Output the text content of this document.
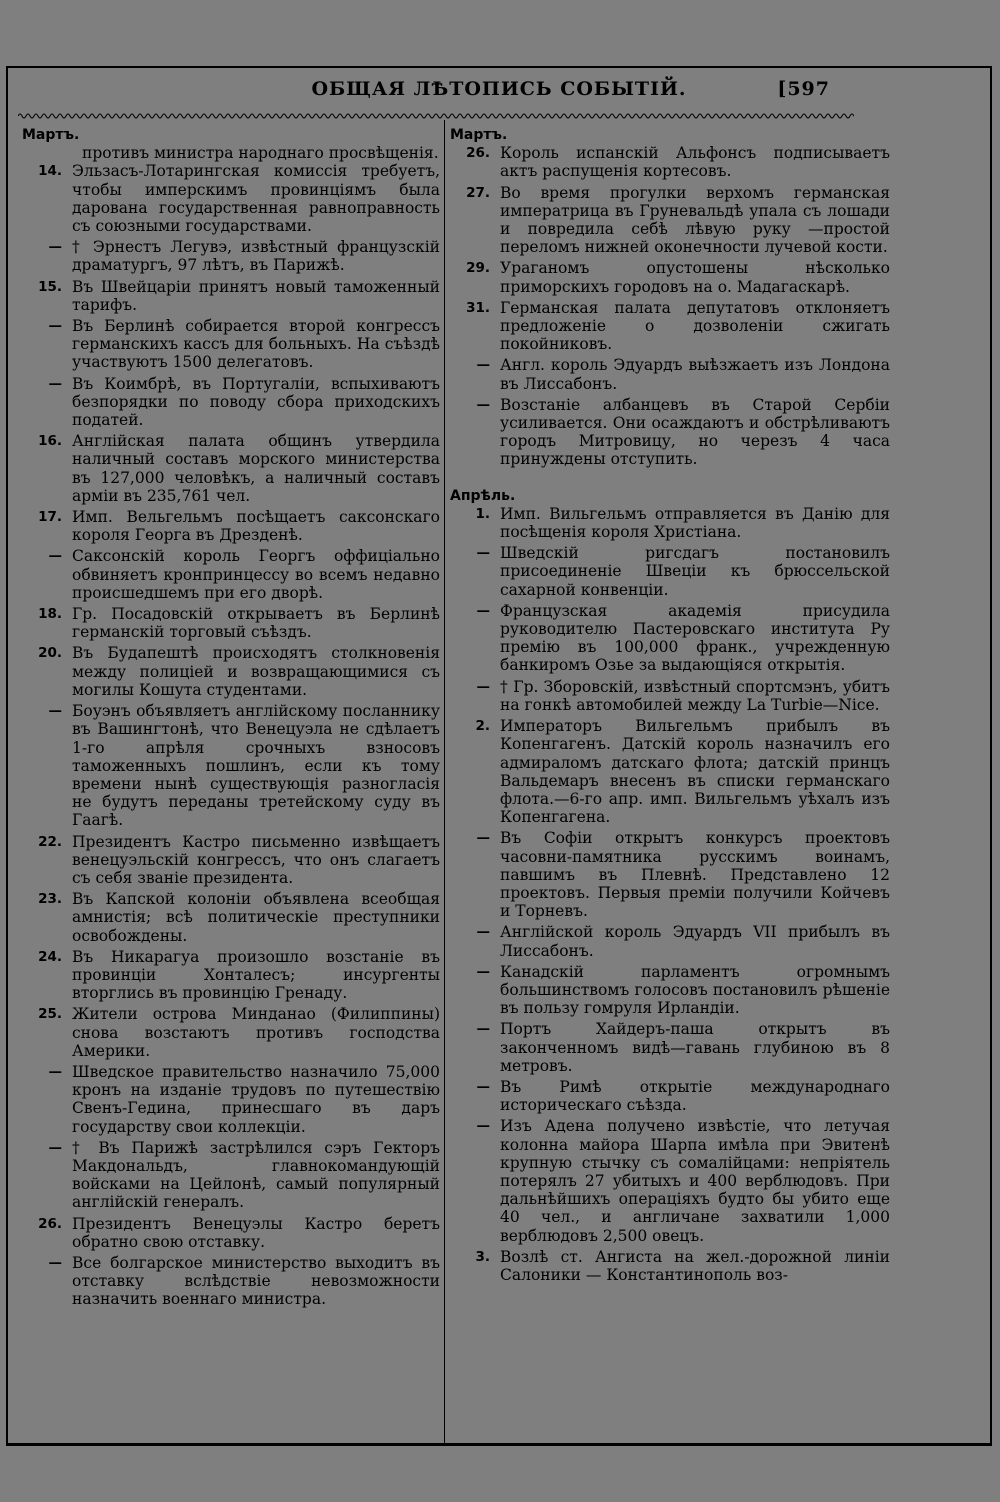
ОБЩАЯ ЛѢТОПИСЬ СОБЫТІЙ.	[597

Мартъ.

противъ министра народнаго просвѣщенія.
14. Эльзасъ-Лотарингская комиссія требуетъ, чтобы имперскимъ провинціямъ была дарована государственная равноправность съ союзными государствами.
— † Эрнестъ Легувэ, извѣстный французскій драматургъ, 97 лѣтъ, въ Парижѣ.
15. Въ Швейцаріи принятъ новый таможенный тарифъ.
— Въ Берлинѣ собирается второй конгрессъ германскихъ кассъ для больныхъ. На съѣздѣ участвуютъ 1500 делегатовъ.
— Въ Коимбрѣ, въ Португаліи, вспыхиваютъ безпорядки по поводу сбора приходскихъ податей.
16. Англійская палата общинъ утвердила наличный составъ морского министерства въ 127,000 человѣкъ, а наличный составъ арміи въ 235,761 чел.
17. Имп. Вельгельмъ посѣщаетъ саксонскаго короля Георга въ Дрезденѣ.
— Саксонскій король Георгъ оффиціально обвиняетъ кронпринцессу во всемъ недавно происшедшемъ при его дворѣ.
18. Гр. Посадовскій открываетъ въ Берлинѣ германскій торговый съѣздъ.
20. Въ Будапештѣ происходятъ столкновенія между полиціей и возвращающимися съ могилы Кошута студентами.
— Боуэнъ объявляетъ англійскому посланнику въ Вашингтонѣ, что Венецуэла не сдѣлаетъ 1-го апрѣля срочныхъ взносовъ таможенныхъ пошлинъ, если къ тому времени нынѣ существующія разногласія не будутъ переданы третейскому суду въ Гаагѣ.
22. Президентъ Кастро письменно извѣщаетъ венецуэльскій конгрессъ, что онъ слагаетъ съ себя званіе президента.
23. Въ Капской колоніи объявлена всеобщая амнистія; всѣ политическіе преступники освобождены.
24. Въ Никарагуа произошло возстаніе въ провинціи Хонталесъ; инсургенты вторглись въ провинцію Гренаду.
25. Жители острова Минданао (Филиппины) снова возстаютъ противъ господства Америки.
— Шведское правительство назначило 75,000 кронъ на изданіе трудовъ по путешествію Свенъ-Гедина, принесшаго въ даръ государству свои коллекціи.
— † Въ Парижѣ застрѣлился сэръ Гекторъ Макдональдъ, главнокомандующій войсками на Цейлонѣ, самый популярный англійскій генералъ.
26. Президентъ Венецуэлы Кастро беретъ обратно свою отставку.
— Все болгарское министерство выходитъ въ отставку вслѣдствіе невозможности назначить военнаго министра.

Мартъ.

26. Король испанскій Альфонсъ подписываетъ актъ распущенія кортесовъ.
27. Во время прогулки верхомъ германская императрица въ Груневальдѣ упала съ лошади и повредила себѣ лѣвую руку —простой переломъ нижней оконечности лучевой кости.
29. Ураганомъ опустошены нѣсколько приморскихъ городовъ на о. Мадагаскарѣ.
31. Германская палата депутатовъ отклоняетъ предложеніе о дозволеніи сжигать покойниковъ.
— Англ. король Эдуардъ выѣзжаетъ изъ Лондона въ Лиссабонъ.
— Возстаніе албанцевъ въ Старой Сербіи усиливается. Они осаждаютъ и обстрѣливаютъ городъ Митровицу, но черезъ 4 часа принуждены отступить.

Апрѣль.

1. Имп. Вильгельмъ отправляется въ Данію для посѣщенія короля Христіана.
— Шведскій ригсдагъ постановилъ присоединеніе Швеціи къ брюссельской сахарной конвенціи.
— Французская академія присудила руководителю Пастеровскаго института Ру премію въ 100,000 франк., учрежденную банкиромъ Озье за выдающіяся открытія.
— † Гр. Зборовскій, извѣстный спортсмэнъ, убитъ на гонкѣ автомобилей между La Turbie—Nice.
2. Императоръ Вильгельмъ прибылъ въ Копенгагенъ. Датскій король назначилъ его адмираломъ датскаго флота; датскій принцъ Вальдемаръ внесенъ въ списки германскаго флота.—6-го апр. имп. Вильгельмъ уѣхалъ изъ Копенгагена.
— Въ Софіи открытъ конкурсъ проектовъ часовни-памятника русскимъ воинамъ, павшимъ въ Плевнѣ. Представлено 12 проектовъ. Первыя преміи получили Койчевъ и Торневъ.
— Англійской король Эдуардъ VII прибылъ въ Лиссабонъ.
— Канадскій парламентъ огромнымъ большинствомъ голосовъ постановилъ рѣшеніе въ пользу гомруля Ирландіи.
— Портъ Хайдеръ-паша открытъ въ законченномъ видѣ—гавань глубиною въ 8 метровъ.
— Въ Римѣ открытіе международнаго историческаго съѣзда.
— Изъ Адена получено извѣстіе, что летучая колонна майора Шарпа имѣла при Эвитенѣ крупную стычку съ сомалійцами: непріятель потерялъ 27 убитыхъ и 400 верблюдовъ. При дальнѣйшихъ операціяхъ будто бы убито еще 40 чел., и англичане захватили 1,000 верблюдовъ 2,500 овецъ.
3. Возлѣ ст. Ангиста на жел.-дорожной линіи Салоники — Константинополь воз-
